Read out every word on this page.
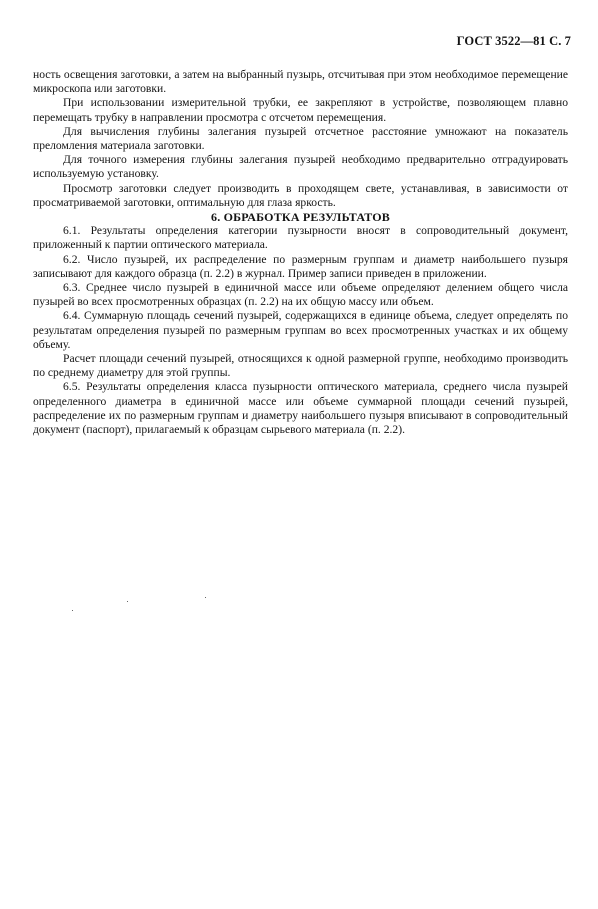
ГОСТ 3522—81 С. 7

ность освещения заготовки, а затем на выбранный пузырь, отсчитывая при этом необходимое перемещение микроскопа или заготовки.

При использовании измерительной трубки, ее закрепляют в устройстве, позволяющем плавно перемещать трубку в направлении просмотра с отсчетом перемещения.

Для вычисления глубины залегания пузырей отсчетное расстояние умножают на показатель преломления материала заготовки.

Для точного измерения глубины залегания пузырей необходимо предварительно отградуировать используемую установку.

Просмотр заготовки следует производить в проходящем свете, устанавливая, в зависимости от просматриваемой заготовки, оптимальную для глаза яркость.

6. ОБРАБОТКА РЕЗУЛЬТАТОВ

6.1. Результаты определения категории пузырности вносят в сопроводительный документ, приложенный к партии оптического материала.

6.2. Число пузырей, их распределение по размерным группам и диаметр наибольшего пузыря записывают для каждого образца (п. 2.2) в журнал. Пример записи приведен в приложении.

6.3. Среднее число пузырей в единичной массе или объеме определяют делением общего числа пузырей во всех просмотренных образцах (п. 2.2) на их общую массу или объем.

6.4. Суммарную площадь сечений пузырей, содержащихся в единице объема, следует определять по результатам определения пузырей по размерным группам во всех просмотренных участках и их общему объему.

Расчет площади сечений пузырей, относящихся к одной размерной группе, необходимо производить по среднему диаметру для этой группы.

6.5. Результаты определения класса пузырности оптического материала, среднего числа пузырей определенного диаметра в единичной массе или объеме суммарной площади сечений пузырей, распределение их по размерным группам и диаметру наибольшего пузыря вписывают в сопроводительный документ (паспорт), прилагаемый к образцам сырьевого материала (п. 2.2).
